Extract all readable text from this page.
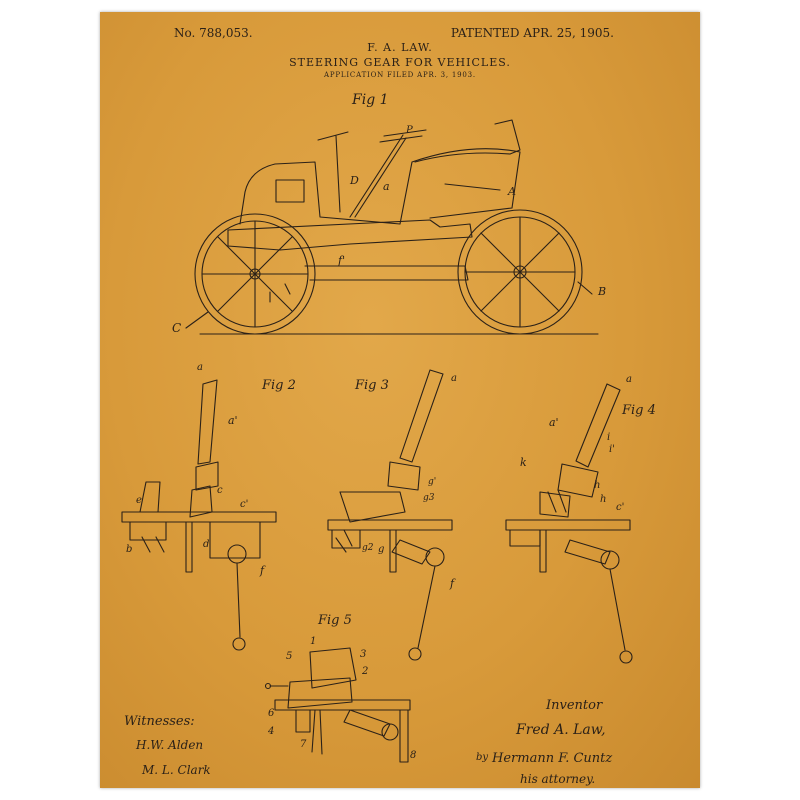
No. 788,053.	PATENTED APR. 25, 1905.
F. A. LAW.
STEERING GEAR FOR VEHICLES.
APPLICATION FILED APR. 3, 1903.
Fig 1
P
D a	A
f'
B
C
Fig 2
a
a'
c
e	c'
b	d
f
Fig 3	a
g'
g3
g2 g
f
Fig 4
a
a'
i
i'
k
h
c'
h
Fig 5
1
3
5
2
6
4
7
8
Witnesses:
H.W. Alden
M. L. Clark
Inventor
Fred A. Law,
by Hermann F. Cuntz
his attorney.
